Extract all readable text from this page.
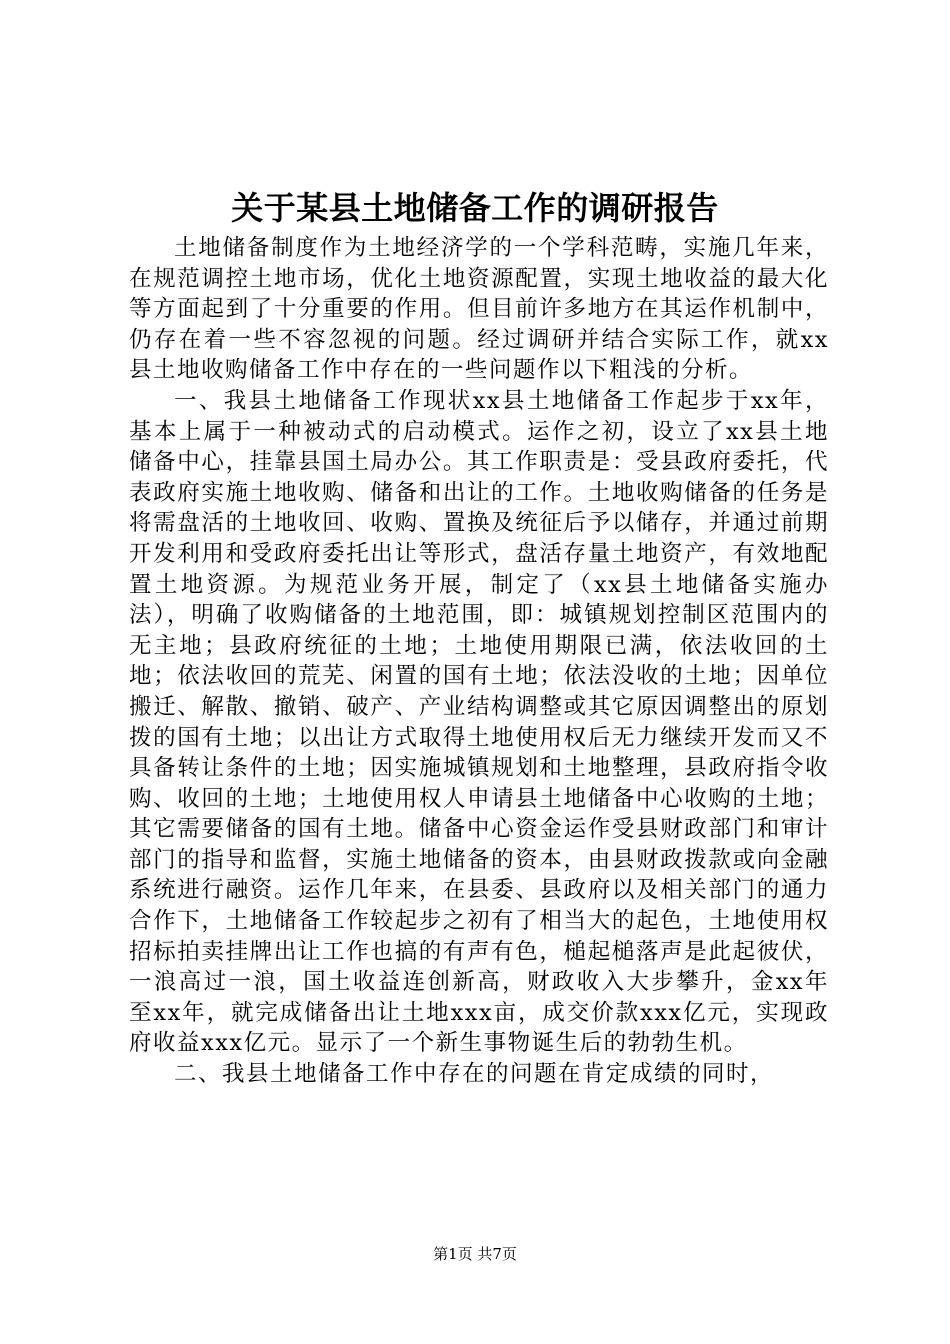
关于某县土地储备工作的调研报告

土地储备制度作为土地经济学的一个学科范畴，实施几年来，在规范调控土地市场，优化土地资源配置，实现土地收益的最大化等方面起到了十分重要的作用。但目前许多地方在其运作机制中，仍存在着一些不容忽视的问题。经过调研并结合实际工作，就xx县土地收购储备工作中存在的一些问题作以下粗浅的分析。

一、我县土地储备工作现状xx县土地储备工作起步于xx年，基本上属于一种被动式的启动模式。运作之初，设立了xx县土地储备中心，挂靠县国土局办公。其工作职责是：受县政府委托，代表政府实施土地收购、储备和出让的工作。土地收购储备的任务是将需盘活的土地收回、收购、置换及统征后予以储存，并通过前期开发利用和受政府委托出让等形式，盘活存量土地资产，有效地配置土地资源。为规范业务开展，制定了（xx县土地储备实施办法），明确了收购储备的土地范围，即：城镇规划控制区范围内的无主地；县政府统征的土地；土地使用期限已满，依法收回的土地；依法收回的荒芜、闲置的国有土地；依法没收的土地；因单位搬迁、解散、撤销、破产、产业结构调整或其它原因调整出的原划拨的国有土地；以出让方式取得土地使用权后无力继续开发而又不具备转让条件的土地；因实施城镇规划和土地整理，县政府指令收购、收回的土地；土地使用权人申请县土地储备中心收购的土地；其它需要储备的国有土地。储备中心资金运作受县财政部门和审计部门的指导和监督，实施土地储备的资本，由县财政拨款或向金融系统进行融资。运作几年来，在县委、县政府以及相关部门的通力合作下，土地储备工作较起步之初有了相当大的起色，土地使用权招标拍卖挂牌出让工作也搞的有声有色，槌起槌落声是此起彼伏，一浪高过一浪，国土收益连创新高，财政收入大步攀升，金xx年至xx年，就完成储备出让土地xxx亩，成交价款xxx亿元，实现政府收益xxx亿元。显示了一个新生事物诞生后的勃勃生机。

二、我县土地储备工作中存在的问题在肯定成绩的同时，

第1页 共7页
